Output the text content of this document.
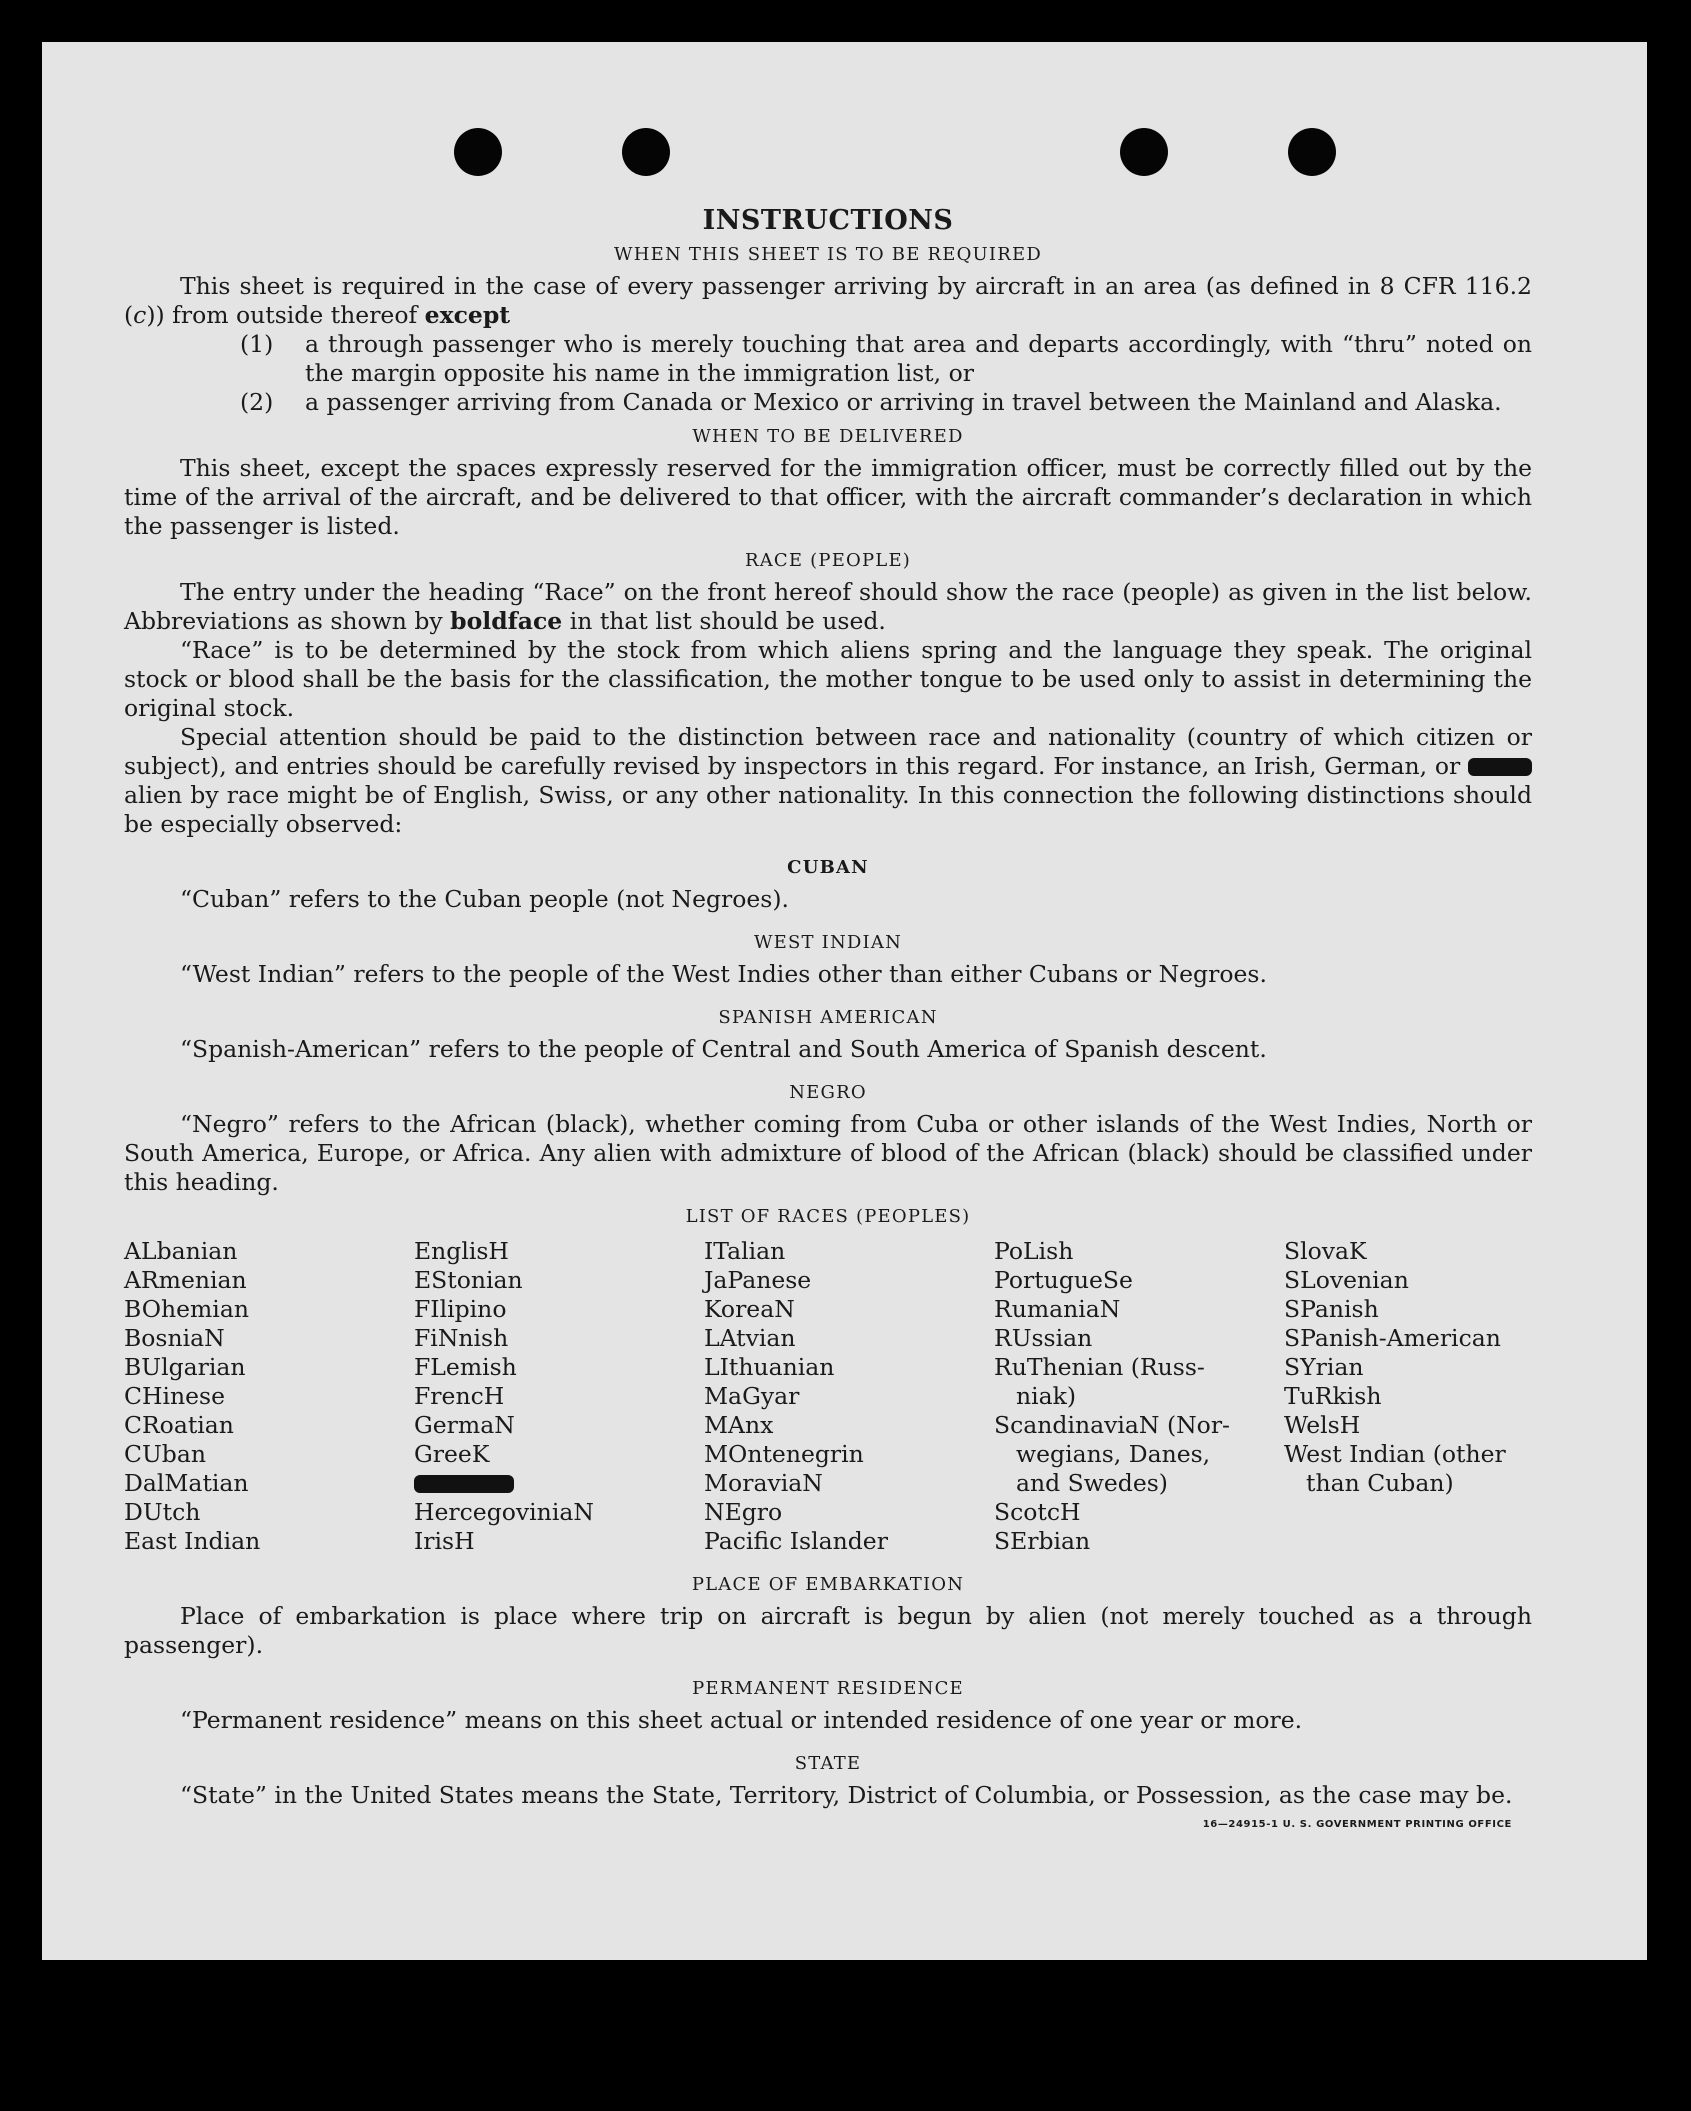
INSTRUCTIONS
WHEN THIS SHEET IS TO BE REQUIRED

This sheet is required in the case of every passenger arriving by aircraft in an area (as defined in 8 CFR 116.2 (c)) from outside thereof except

(1)	a through passenger who is merely touching that area and departs accordingly, with “thru” noted on the margin opposite his name in the immigration list, or
(2)	a passenger arriving from Canada or Mexico or arriving in travel between the Mainland and Alaska.
WHEN TO BE DELIVERED

This sheet, except the spaces expressly reserved for the immigration officer, must be correctly filled out by the time of the arrival of the aircraft, and be delivered to that officer, with the aircraft commander’s declaration in which the passenger is listed.

RACE (PEOPLE)

The entry under the heading “Race” on the front hereof should show the race (people) as given in the list below. Abbreviations as shown by boldface in that list should be used.

“Race” is to be determined by the stock from which aliens spring and the language they speak. The original stock or blood shall be the basis for the classification, the mother tongue to be used only to assist in determining the original stock.

Special attention should be paid to the distinction between race and nationality (country of which citizen or subject), and entries should be carefully revised by inspectors in this regard. For instance, an Irish, German, or  alien by race might be of English, Swiss, or any other nationality. In this connection the following distinctions should be especially observed:

CUBAN

“Cuban” refers to the Cuban people (not Negroes).

WEST INDIAN

“West Indian” refers to the people of the West Indies other than either Cubans or Negroes.

SPANISH AMERICAN

“Spanish-American” refers to the people of Central and South America of Spanish descent.

NEGRO

“Negro” refers to the African (black), whether coming from Cuba or other islands of the West Indies, North or South America, Europe, or Africa. Any alien with admixture of blood of the African (black) should be classified under this heading.

LIST OF RACES (PEOPLES)
ALbanian
ARmenian
BOhemian
BosniaN
BUlgarian
CHinese
CRoatian
CUban
DalMatian
DUtch
East Indian
EnglisH
EStonian
FIlipino
FiNnish
FLemish
FrencH
GermaN
GreeK
HercegoviniaN
IrisH
ITalian
JaPanese
KoreaN
LAtvian
LIthuanian
MaGyar
MAnx
MOntenegrin
MoraviaN
NEgro
Pacific Islander
PoLish
PortugueSe
RumaniaN
RUssian
RuThenian (Russ-
niak)
ScandinaviaN (Nor-
wegians, Danes,
and Swedes)
ScotcH
SErbian
SlovaK
SLovenian
SPanish
SPanish-American
SYrian
TuRkish
WelsH
West Indian (other
than Cuban)
PLACE OF EMBARKATION

Place of embarkation is place where trip on aircraft is begun by alien (not merely touched as a through passenger).

PERMANENT RESIDENCE

“Permanent residence” means on this sheet actual or intended residence of one year or more.

STATE

“State” in the United States means the State, Territory, District of Columbia, or Possession, as the case may be.

16—24915-1 U. S. GOVERNMENT PRINTING OFFICE
